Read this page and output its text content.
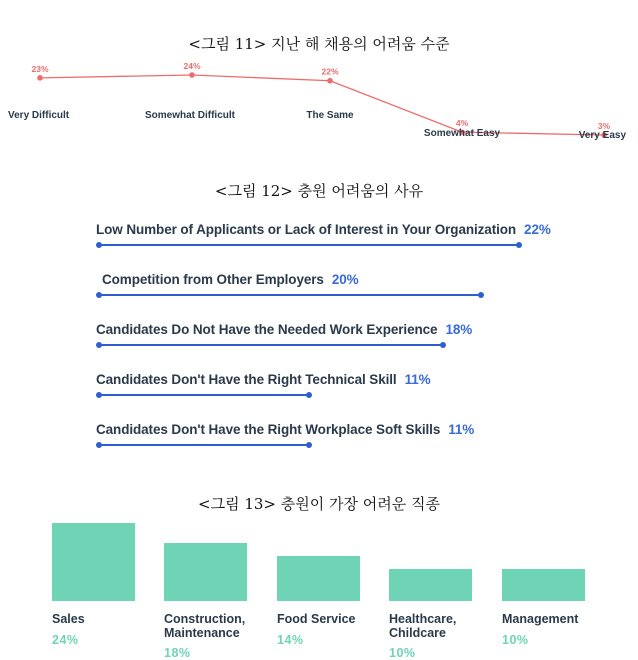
<그림 11> 지난 해 채용의 어려움 수준
23%
Very Difficult
24%
Somewhat Difficult
22%
The Same
4%
Somewhat Easy
3%
Very Easy
<그림 12> 충원 어려움의 사유
Low Number of Applicants or Lack of Interest in Your Organization 22%
Competition from Other Employers 20%
Candidates Do Not Have the Needed Work Experience 18%
Candidates Don't Have the Right Technical Skill 11%
Candidates Don't Have the Right Workplace Soft Skills 11%
<그림 13> 충원이 가장 어려운 직종
Sales
24%
Construction,
Maintenance
18%
Food Service
14%
Healthcare,
Childcare
10%
Management
10%
